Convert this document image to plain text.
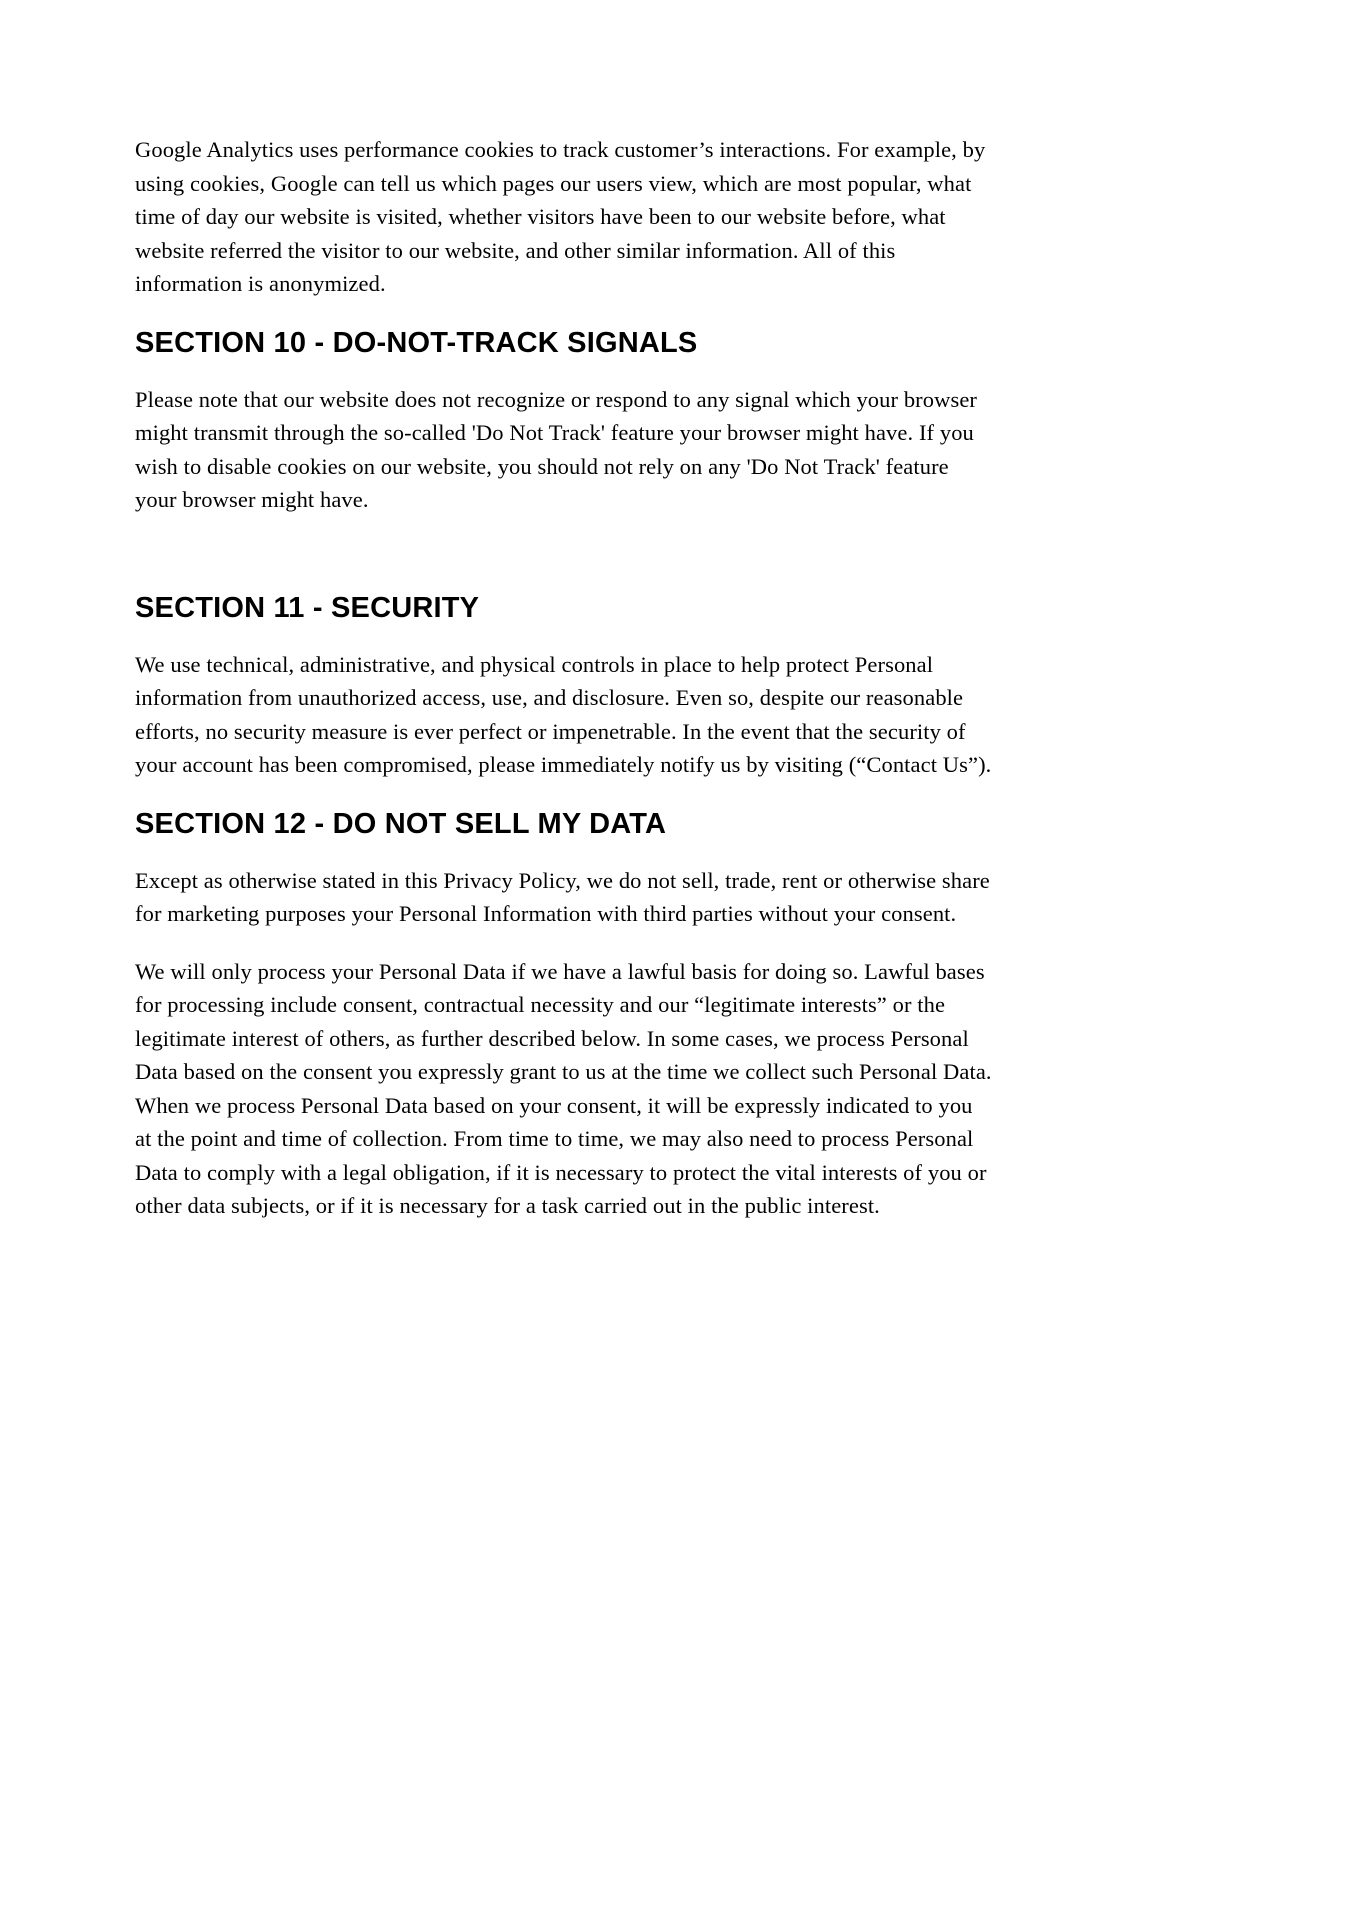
Google Analytics uses performance cookies to track customer’s interactions. For example, by using cookies, Google can tell us which pages our users view, which are most popular, what time of day our website is visited, whether visitors have been to our website before, what website referred the visitor to our website, and other similar information. All of this information is anonymized.

SECTION 10 - DO-NOT-TRACK SIGNALS

Please note that our website does not recognize or respond to any signal which your browser might transmit through the so-called 'Do Not Track' feature your browser might have. If you wish to disable cookies on our website, you should not rely on any 'Do Not Track' feature your browser might have.

SECTION 11 - SECURITY

We use technical, administrative, and physical controls in place to help protect Personal information from unauthorized access, use, and disclosure. Even so, despite our reasonable efforts, no security measure is ever perfect or impenetrable. In the event that the security of your account has been compromised, please immediately notify us by visiting (“Contact Us”).

SECTION 12 - DO NOT SELL MY DATA

Except as otherwise stated in this Privacy Policy, we do not sell, trade, rent or otherwise share for marketing purposes your Personal Information with third parties without your consent.

We will only process your Personal Data if we have a lawful basis for doing so. Lawful bases for processing include consent, contractual necessity and our “legitimate interests” or the legitimate interest of others, as further described below. In some cases, we process Personal Data based on the consent you expressly grant to us at the time we collect such Personal Data. When we process Personal Data based on your consent, it will be expressly indicated to you at the point and time of collection. From time to time, we may also need to process Personal Data to comply with a legal obligation, if it is necessary to protect the vital interests of you or other data subjects, or if it is necessary for a task carried out in the public interest.
